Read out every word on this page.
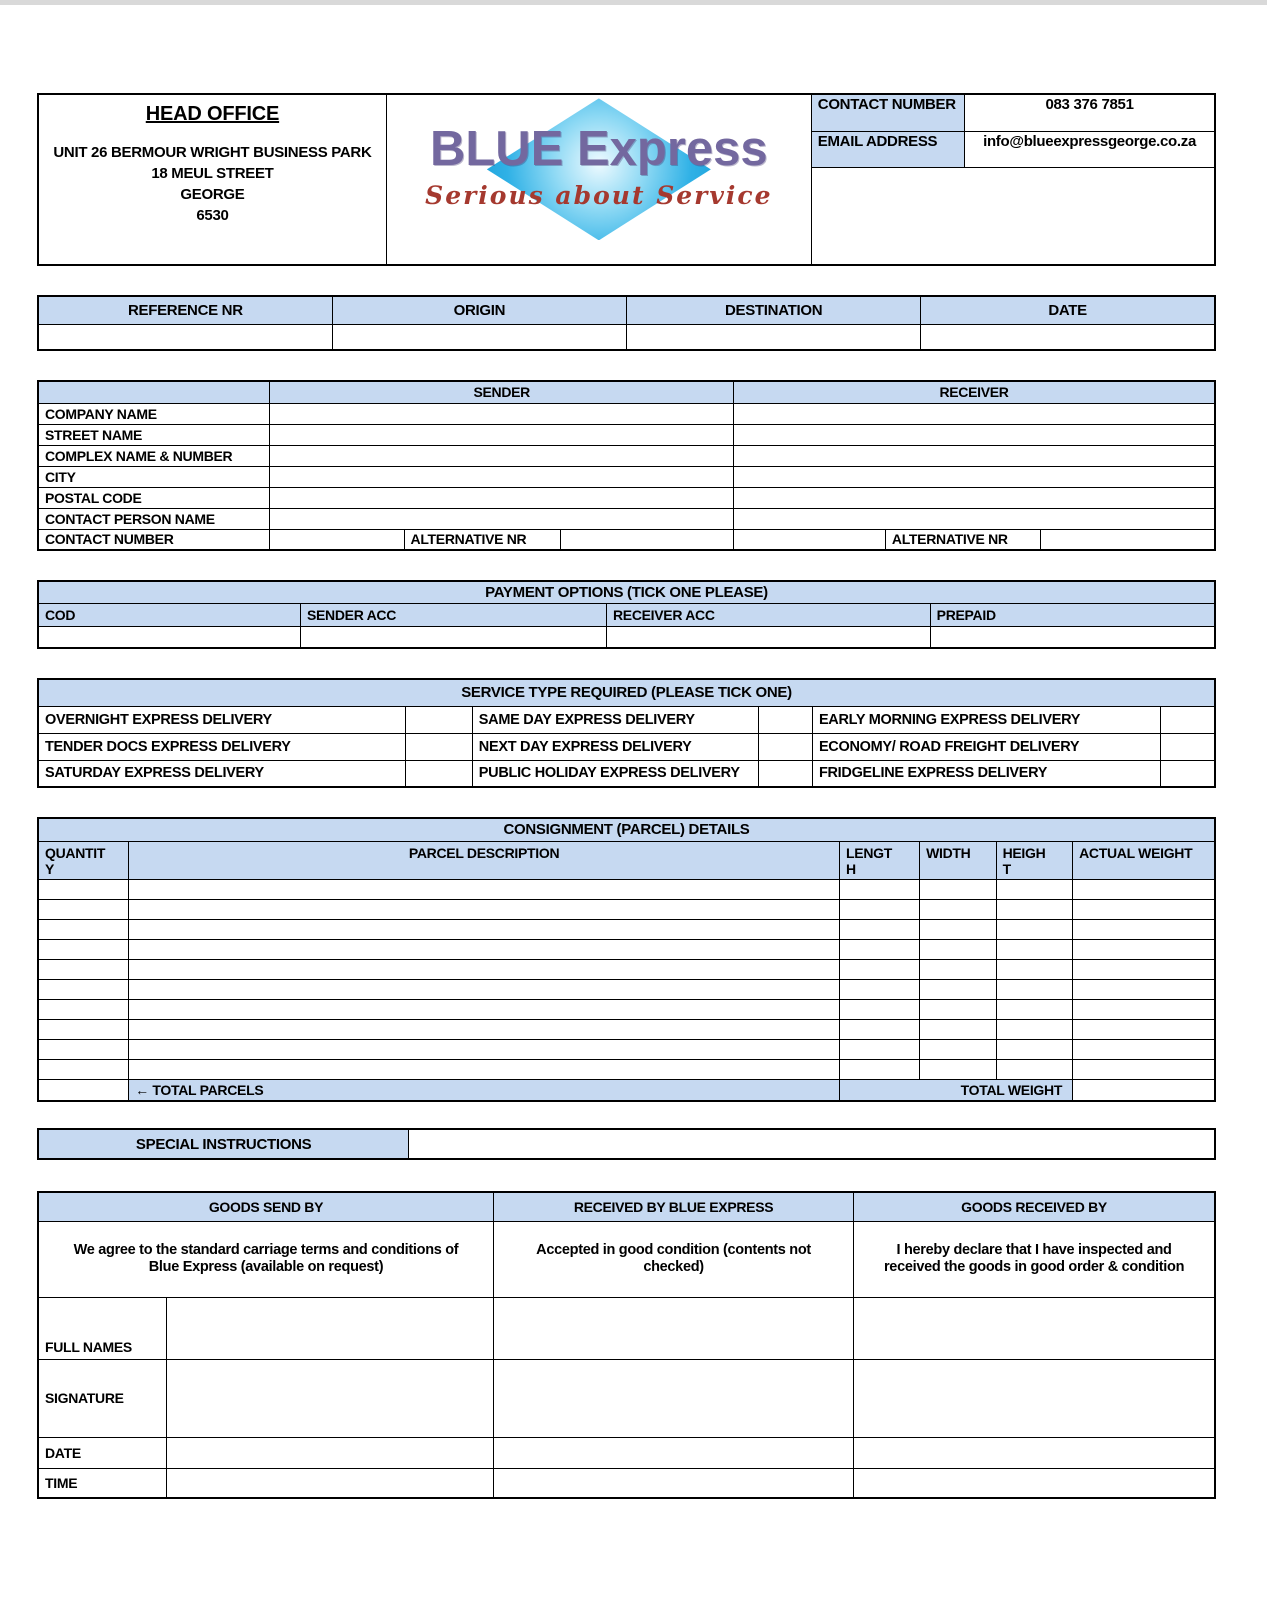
HEAD OFFICE
UNIT 26 BERMOUR WRIGHT BUSINESS PARK
18 MEUL STREET
GEORGE
6530

BLUE Express
Serious about Service

CONTACT NUMBER	083 376 7851
EMAIL ADDRESS	info@blueexpressgeorge.co.za
REFERENCE NR	ORIGIN	DESTINATION	DATE

	SENDER			RECEIVER		
COMPANY NAME						
STREET NAME						
COMPLEX NAME & NUMBER						
CITY						
POSTAL CODE						
CONTACT PERSON NAME						
CONTACT NUMBER		ALTERNATIVE NR			ALTERNATIVE NR	
PAYMENT OPTIONS (TICK ONE PLEASE)			
COD	SENDER ACC	RECEIVER ACC	PREPAID

SERVICE TYPE REQUIRED (PLEASE TICK ONE)					
OVERNIGHT EXPRESS DELIVERY		SAME DAY EXPRESS DELIVERY		EARLY MORNING EXPRESS DELIVERY	
TENDER DOCS EXPRESS DELIVERY		NEXT DAY EXPRESS DELIVERY		ECONOMY/ ROAD FREIGHT DELIVERY	
SATURDAY EXPRESS DELIVERY		PUBLIC HOLIDAY EXPRESS DELIVERY		FRIDGELINE EXPRESS DELIVERY	
CONSIGNMENT (PARCEL) DETAILS					
QUANTITY	PARCEL DESCRIPTION	LENGTH	WIDTH	HEIGHT	ACTUAL WEIGHT

	← TOTAL PARCELS	TOTAL WEIGHT			
SPECIAL INSTRUCTIONS	
GOODS SEND BY		RECEIVED BY BLUE EXPRESS	GOODS RECEIVED BY
We agree to the standard carriage terms and conditions of Blue Express (available on request)		Accepted in good condition (contents not checked)	I hereby declare that I have inspected and received the goods in good order & condition
FULL NAMES			
SIGNATURE			
DATE			
TIME			
